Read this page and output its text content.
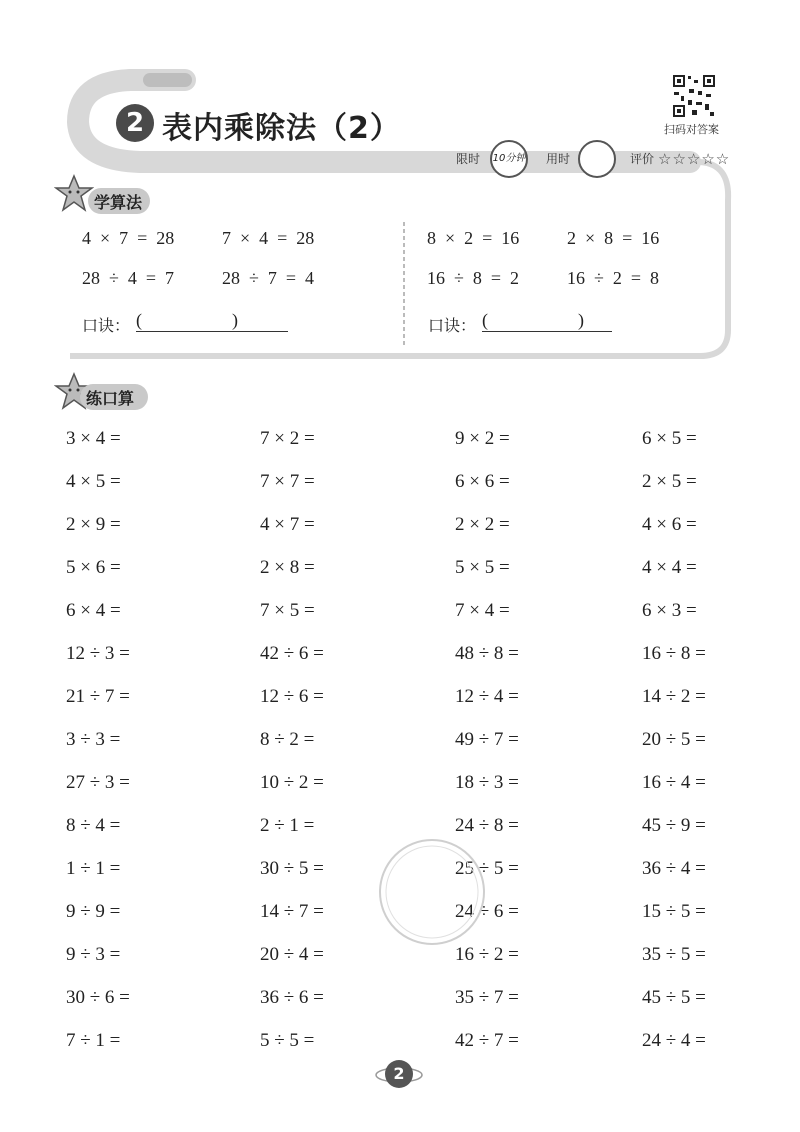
2 表内乘除法（2）	扫码对答案
限时 10分钟 用时	评价 ☆☆☆☆☆
学算法
4  ×  7  =  28	7  ×  4  =  28
28  ÷  4  =  7	28  ÷  7  =  4
口诀： (                    )
8  ×  2  =  16	2  ×  8  =  16
16  ÷  8  =  2	16  ÷  2  =  8
口诀： (                    )
练口算
3 × 4 =	7 × 2 =	9 × 2 =	6 × 5 =
4 × 5 =	7 × 7 =	6 × 6 =	2 × 5 =
2 × 9 =	4 × 7 =	2 × 2 =	4 × 6 =
5 × 6 =	2 × 8 =	5 × 5 =	4 × 4 =
6 × 4 =	7 × 5 =	7 × 4 =	6 × 3 =
12 ÷ 3 =	42 ÷ 6 =	48 ÷ 8 =	16 ÷ 8 =
21 ÷ 7 =	12 ÷ 6 =	12 ÷ 4 =	14 ÷ 2 =
3 ÷ 3 =	8 ÷ 2 =	49 ÷ 7 =	20 ÷ 5 =
27 ÷ 3 =	10 ÷ 2 =	18 ÷ 3 =	16 ÷ 4 =
8 ÷ 4 =	2 ÷ 1 =	24 ÷ 8 =	45 ÷ 9 =
1 ÷ 1 =	30 ÷ 5 =	25 ÷ 5 =	36 ÷ 4 =
9 ÷ 9 =	14 ÷ 7 =	24 ÷ 6 =	15 ÷ 5 =
9 ÷ 3 =	20 ÷ 4 =	16 ÷ 2 =	35 ÷ 5 =
30 ÷ 6 =	36 ÷ 6 =	35 ÷ 7 =	45 ÷ 5 =
7 ÷ 1 =	5 ÷ 5 =	42 ÷ 7 =	24 ÷ 4 =
2
